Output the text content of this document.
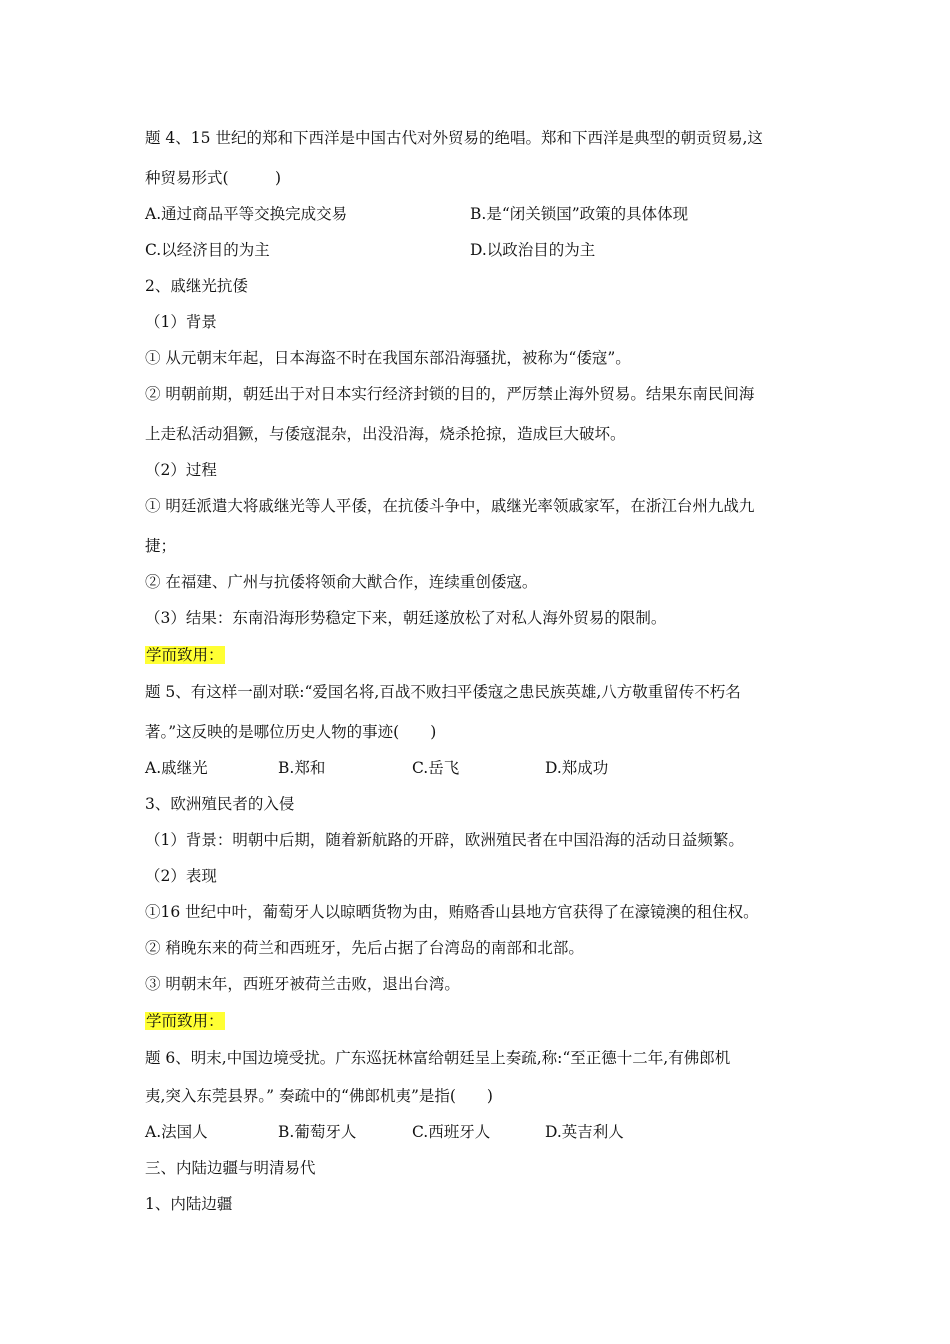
题 4、15 世纪的郑和下西洋是中国古代对外贸易的绝唱。郑和下西洋是典型的朝贡贸易,这
种贸易形式(　　　)
A.通过商品平等交换完成交易	B.是“闭关锁国”政策的具体体现
C.以经济目的为主	D.以政治目的为主
2、戚继光抗倭
（1）背景
① 从元朝末年起，日本海盗不时在我国东部沿海骚扰，被称为“倭寇”。
② 明朝前期，朝廷出于对日本实行经济封锁的目的，严厉禁止海外贸易。结果东南民间海
上走私活动猖獗，与倭寇混杂，出没沿海，烧杀抢掠，造成巨大破坏。
（2）过程
① 明廷派遣大将戚继光等人平倭，在抗倭斗争中，戚继光率领戚家军，在浙江台州九战九
捷；
② 在福建、广州与抗倭将领俞大猷合作，连续重创倭寇。
（3）结果：东南沿海形势稳定下来，朝廷遂放松了对私人海外贸易的限制。
学而致用：
题 5、有这样一副对联:“爱国名将,百战不败扫平倭寇之患民族英雄,八方敬重留传不朽名
著。”这反映的是哪位历史人物的事迹(　　)
A.戚继光	B.郑和	C.岳飞	D.郑成功
3、欧洲殖民者的入侵
（1）背景：明朝中后期，随着新航路的开辟，欧洲殖民者在中国沿海的活动日益频繁。
（2）表现
①16 世纪中叶，葡萄牙人以晾晒货物为由，贿赂香山县地方官获得了在濠镜澳的租住权。
② 稍晚东来的荷兰和西班牙，先后占据了台湾岛的南部和北部。
③ 明朝末年，西班牙被荷兰击败，退出台湾。
学而致用：
题 6、明末,中国边境受扰。广东巡抚林富给朝廷呈上奏疏,称:“至正德十二年,有佛郎机
夷,突入东莞县界。” 奏疏中的“佛郎机夷”是指(　　)
A.法国人	B.葡萄牙人	C.西班牙人	D.英吉利人
三、内陆边疆与明清易代
1、内陆边疆
